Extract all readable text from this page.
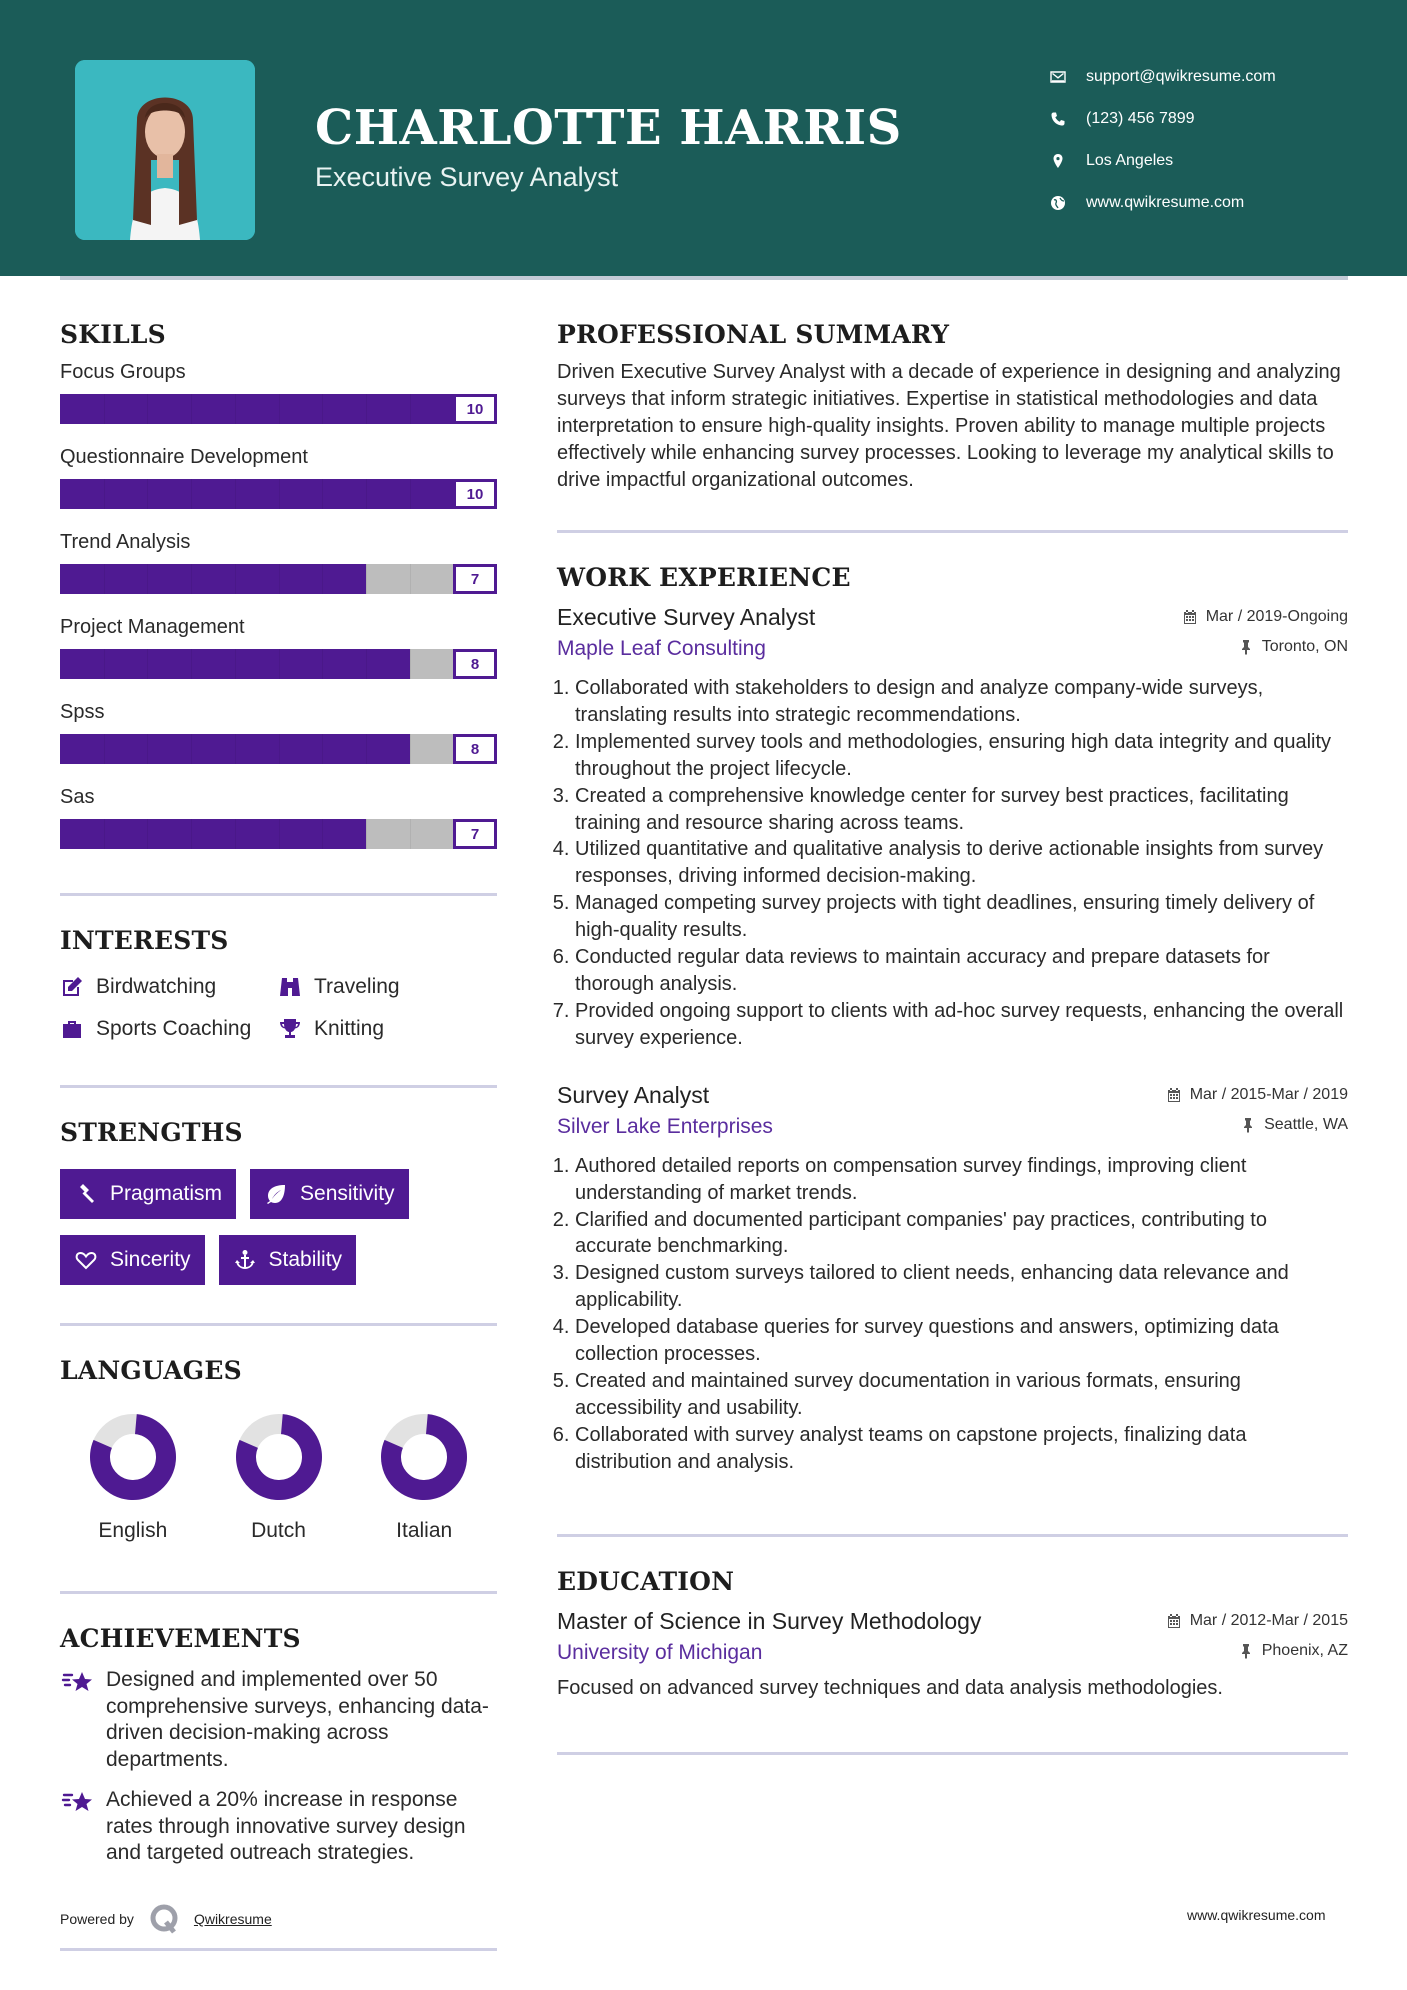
CHARLOTTE HARRIS
Executive Survey Analyst
support@qwikresume.com
(123) 456 7899
Los Angeles
www.qwikresume.com
SKILLS
Focus Groups
10
Questionnaire Development
10
Trend Analysis
7
Project Management
8
Spss
8
Sas
7
INTERESTS
Birdwatching	Traveling
Sports Coaching	Knitting
STRENGTHS
Pragmatism	Sensitivity
Sincerity	Stability
LANGUAGES
English	Dutch	Italian
ACHIEVEMENTS
Designed and implemented over 50 comprehensive surveys, enhancing data-driven decision-making across departments.
Achieved a 20% increase in response rates through innovative survey design and targeted outreach strategies.
PROFESSIONAL SUMMARY

Driven Executive Survey Analyst with a decade of experience in designing and analyzing surveys that inform strategic initiatives. Expertise in statistical methodologies and data interpretation to ensure high-quality insights. Proven ability to manage multiple projects effectively while enhancing survey processes. Looking to leverage my analytical skills to drive impactful organizational outcomes.

WORK EXPERIENCE
Executive Survey Analyst	Mar / 2019-Ongoing
Maple Leaf Consulting	Toronto, ON
1. Collaborated with stakeholders to design and analyze company-wide surveys, translating results into strategic recommendations.
2. Implemented survey tools and methodologies, ensuring high data integrity and quality throughout the project lifecycle.
3. Created a comprehensive knowledge center for survey best practices, facilitating training and resource sharing across teams.
4. Utilized quantitative and qualitative analysis to derive actionable insights from survey responses, driving informed decision-making.
5. Managed competing survey projects with tight deadlines, ensuring timely delivery of high-quality results.
6. Conducted regular data reviews to maintain accuracy and prepare datasets for thorough analysis.
7. Provided ongoing support to clients with ad-hoc survey requests, enhancing the overall survey experience.
Survey Analyst	Mar / 2015-Mar / 2019
Silver Lake Enterprises	Seattle, WA
1. Authored detailed reports on compensation survey findings, improving client understanding of market trends.
2. Clarified and documented participant companies' pay practices, contributing to accurate benchmarking.
3. Designed custom surveys tailored to client needs, enhancing data relevance and applicability.
4. Developed database queries for survey questions and answers, optimizing data collection processes.
5. Created and maintained survey documentation in various formats, ensuring accessibility and usability.
6. Collaborated with survey analyst teams on capstone projects, finalizing data distribution and analysis.
EDUCATION
Master of Science in Survey Methodology	Mar / 2012-Mar / 2015
University of Michigan	Phoenix, AZ

Focused on advanced survey techniques and data analysis methodologies.

Powered by	Qwikresume	www.qwikresume.com
